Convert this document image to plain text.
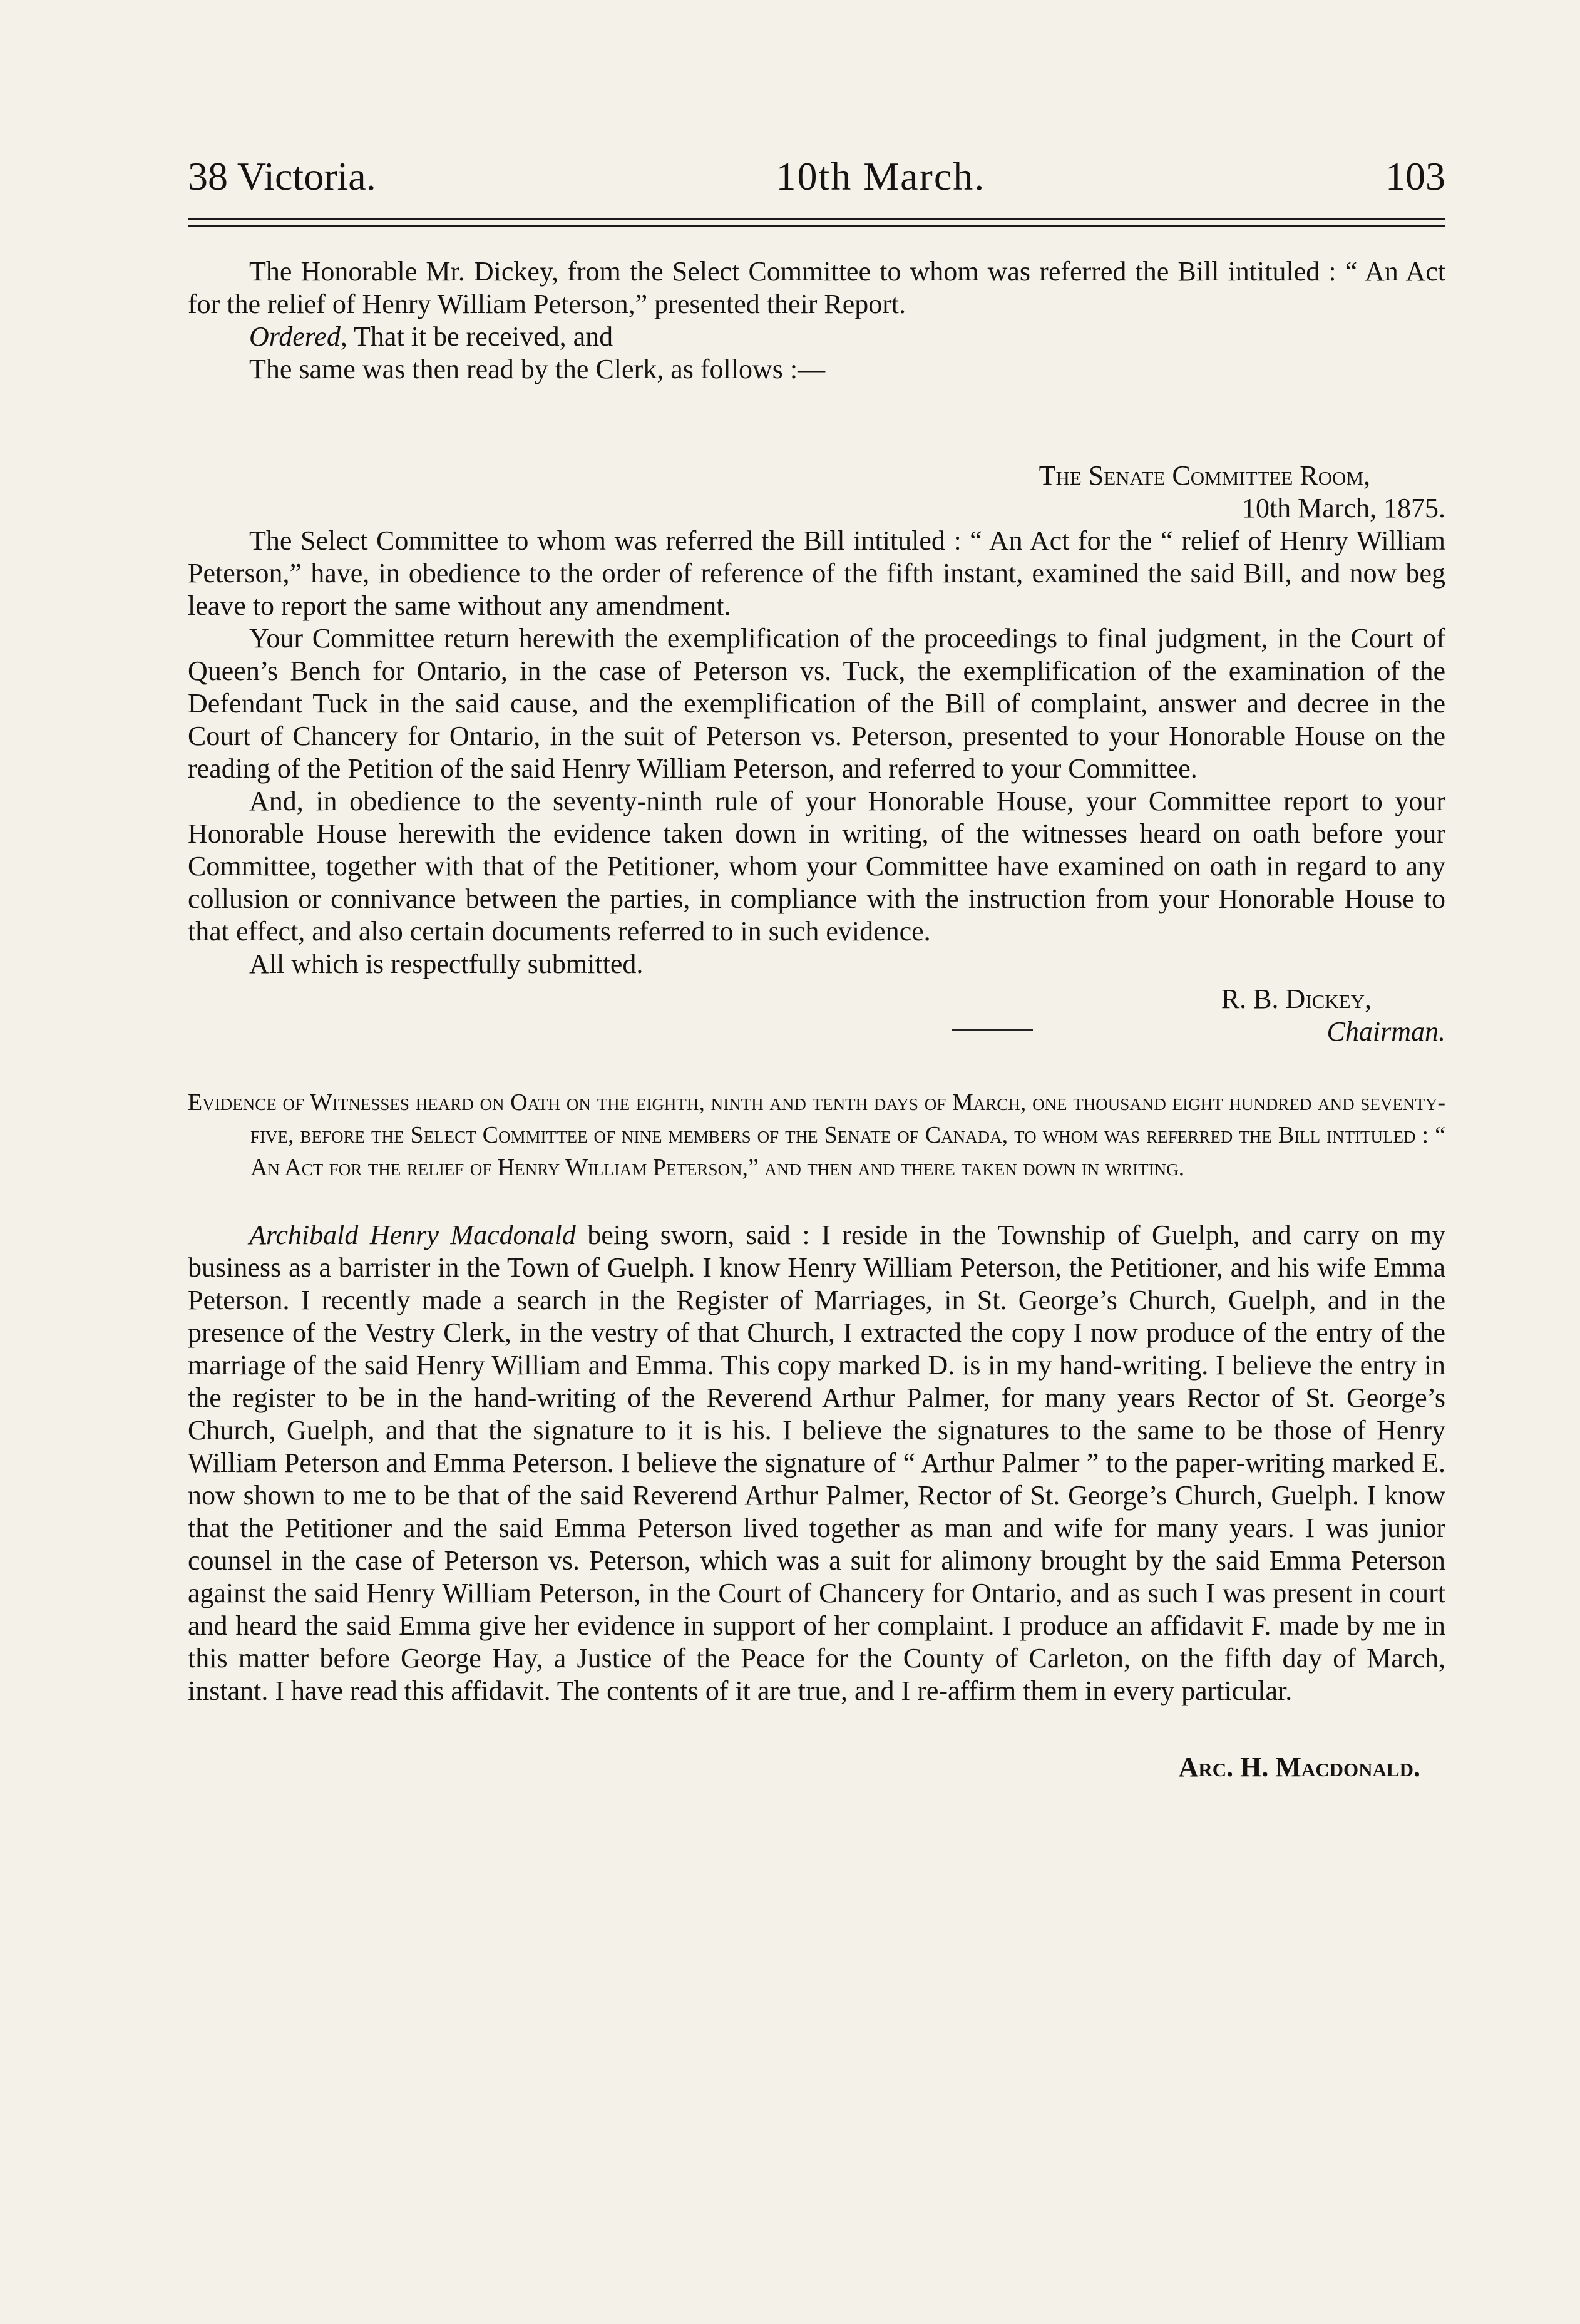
38 Victoria.	10th March.	103

The Honorable Mr. Dickey, from the Select Committee to whom was referred the Bill intituled : “ An Act for the relief of Henry William Peterson,” presented their Report.

Ordered, That it be received, and

The same was then read by the Clerk, as follows :—

The Senate Committee Room,
10th March, 1875.

The Select Committee to whom was referred the Bill intituled : “ An Act for the “ relief of Henry William Peterson,” have, in obedience to the order of reference of the fifth instant, examined the said Bill, and now beg leave to report the same without any amendment.

Your Committee return herewith the exemplification of the proceedings to final judgment, in the Court of Queen’s Bench for Ontario, in the case of Peterson vs. Tuck, the exemplification of the examination of the Defendant Tuck in the said cause, and the exemplification of the Bill of complaint, answer and decree in the Court of Chancery for Ontario, in the suit of Peterson vs. Peterson, presented to your Honorable House on the reading of the Petition of the said Henry William Peterson, and referred to your Committee.

And, in obedience to the seventy-ninth rule of your Honorable House, your Committee report to your Honorable House herewith the evidence taken down in writing, of the witnesses heard on oath before your Committee, together with that of the Petitioner, whom your Committee have examined on oath in regard to any collusion or connivance between the parties, in compliance with the instruction from your Honorable House to that effect, and also certain documents referred to in such evidence.

All which is respectfully submitted.

R. B. Dickey,
Chairman.
Evidence of Witnesses heard on Oath on the eighth, ninth and tenth days of March, one thousand eight hundred and seventy-five, before the Select Committee of nine members of the Senate of Canada, to whom was referred the Bill intituled : “ An Act for the relief of Henry William Peterson,” and then and there taken down in writing.

Archibald Henry Macdonald being sworn, said : I reside in the Township of Guelph, and carry on my business as a barrister in the Town of Guelph. I know Henry William Peterson, the Petitioner, and his wife Emma Peterson. I recently made a search in the Register of Marriages, in St. George’s Church, Guelph, and in the presence of the Vestry Clerk, in the vestry of that Church, I extracted the copy I now produce of the entry of the marriage of the said Henry William and Emma. This copy marked D. is in my hand-writing. I believe the entry in the register to be in the hand-writing of the Reverend Arthur Palmer, for many years Rector of St. George’s Church, Guelph, and that the signature to it is his. I believe the signatures to the same to be those of Henry William Peterson and Emma Peterson. I believe the signature of “ Arthur Palmer ” to the paper-writing marked E. now shown to me to be that of the said Reverend Arthur Palmer, Rector of St. George’s Church, Guelph. I know that the Petitioner and the said Emma Peterson lived together as man and wife for many years. I was junior counsel in the case of Peterson vs. Peterson, which was a suit for alimony brought by the said Emma Peterson against the said Henry William Peterson, in the Court of Chancery for Ontario, and as such I was present in court and heard the said Emma give her evidence in support of her complaint. I produce an affidavit F. made by me in this matter before George Hay, a Justice of the Peace for the County of Carleton, on the fifth day of March, instant. I have read this affidavit. The contents of it are true, and I re-affirm them in every particular.

Arc. H. Macdonald.
